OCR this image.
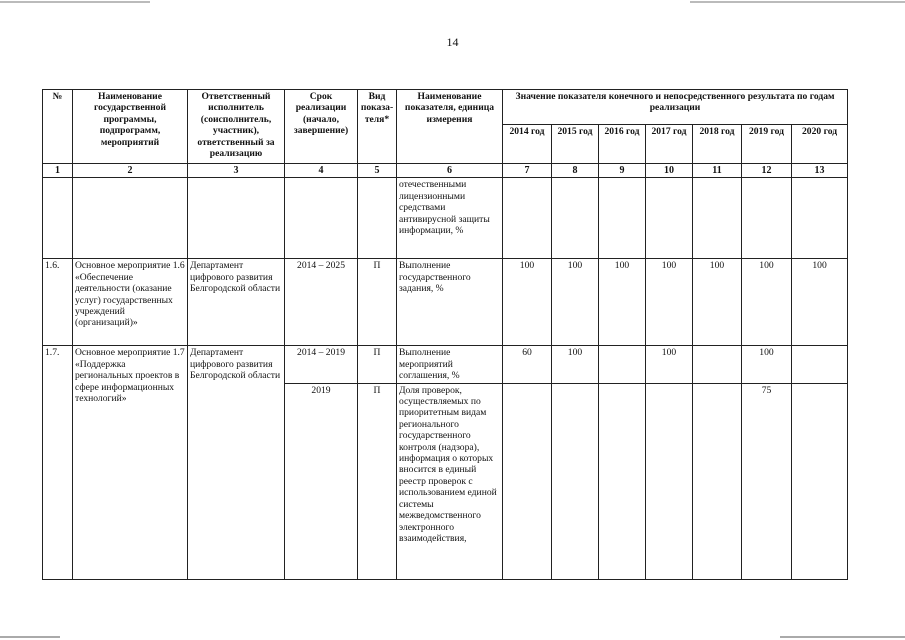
14
№	Наименование государственной программы, подпрограмм, мероприятий	Ответственный исполнитель (соисполнитель, участник), ответственный за реализацию	Срок реализации (начало, завершение)	Вид показа-теля*	Наименование показателя, единица измерения	Значение показателя конечного и непосредственного результата по годам реализации						
						2014 год	2015 год	2016 год	2017 год	2018 год	2019 год	2020 год
1	2	3	4	5	6	7	8	9	10	11	12	13
					отечественными лицензионными средствами антивирусной защиты информации, %							
1.6.	Основное мероприятие 1.6 «Обеспечение деятельности (оказание услуг) государственных учреждений (организаций)»	Департамент цифрового развития Белгородской области	2014 – 2025	П	Выполнение государственного задания, %	100	100	100	100	100	100	100
1.7.	Основное мероприятие 1.7 «Поддержка региональных проектов в сфере информационных технологий»	Департамент цифрового развития Белгородской области	2014 – 2019	П	Выполнение мероприятий соглашения, %	60	100		100		100	
			2019	П	Доля проверок, осуществляемых по приоритетным видам регионального государственного контроля (надзора), информация о которых вносится в единый реестр проверок с использованием единой системы межведомственного электронного взаимодействия,						75	
